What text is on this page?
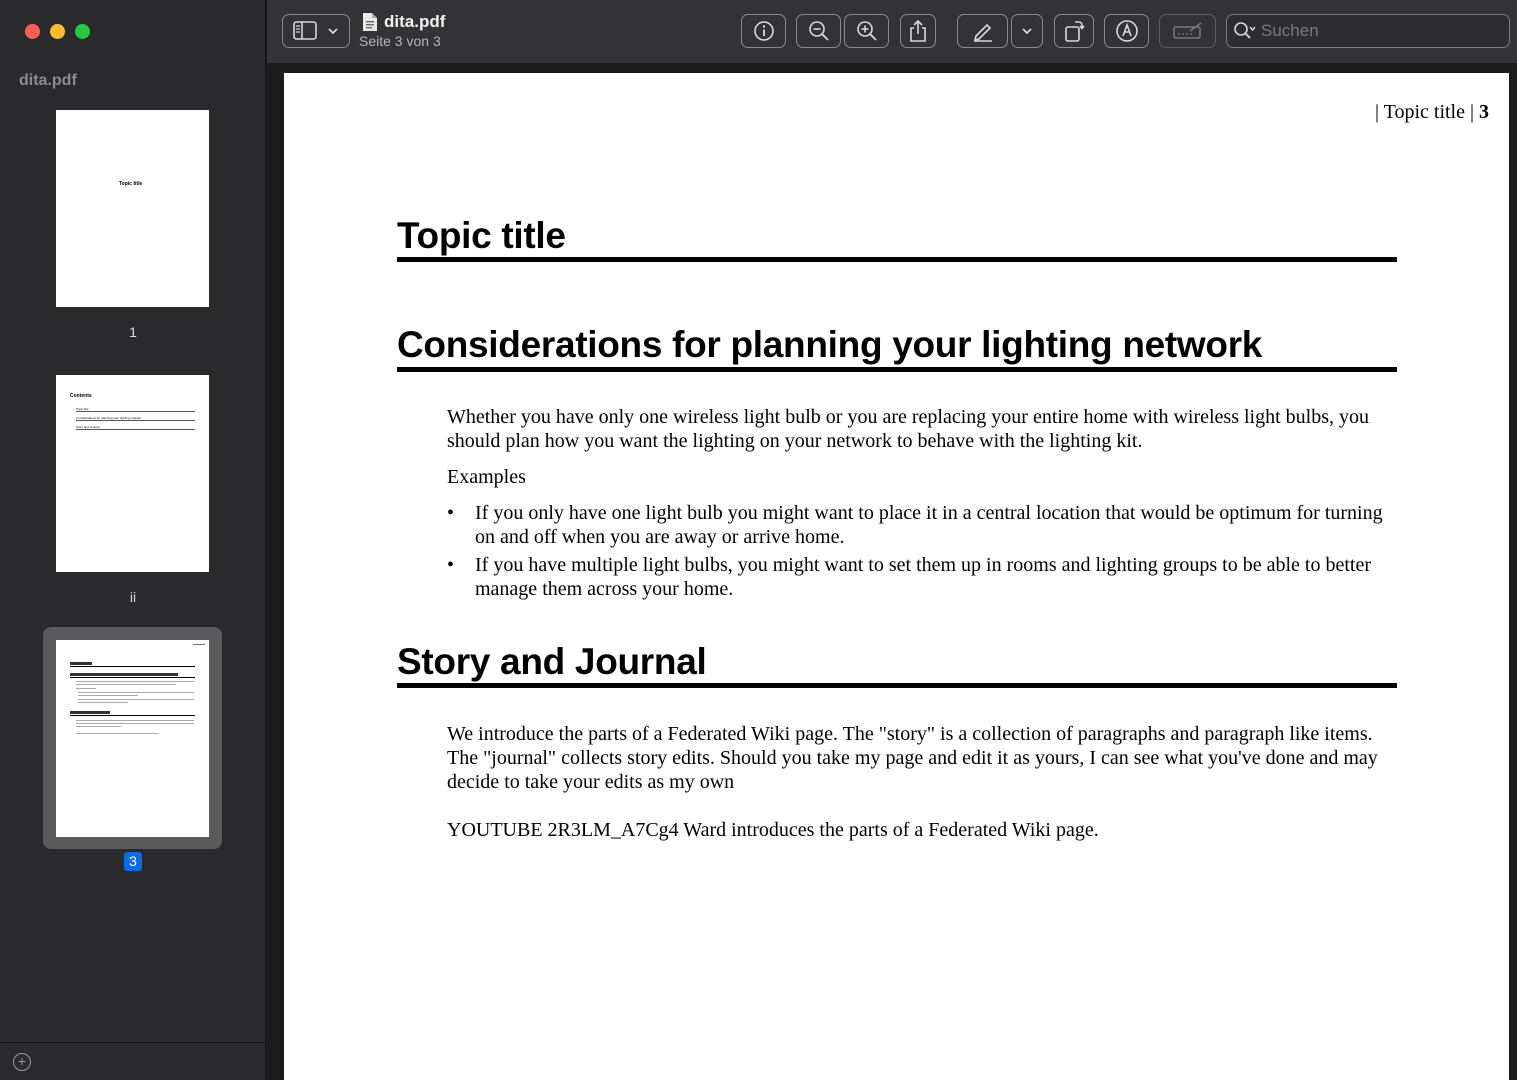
dita.pdf
Topic title
1
Contents
Topic title
Considerations for planning your lighting network
Story and Journal
ii
3
+
dita.pdf
Seite 3 von 3
Suchen
| Topic title | 3
Topic title
Considerations for planning your lighting network
Whether you have only one wireless light bulb or you are replacing your entire home with wireless light bulbs, you should plan how you want the lighting on your network to behave with the lighting kit.
Examples
• If you only have one light bulb you might want to place it in a central location that would be optimum for turning on and off when you are away or arrive home.
• If you have multiple light bulbs, you might want to set them up in rooms and lighting groups to be able to better manage them across your home.
Story and Journal
We introduce the parts of a Federated Wiki page. The "story" is a collection of paragraphs and paragraph like items. The "journal" collects story edits. Should you take my page and edit it as yours, I can see what you've done and may decide to take your edits as my own
YOUTUBE 2R3LM_A7Cg4 Ward introduces the parts of a Federated Wiki page.
